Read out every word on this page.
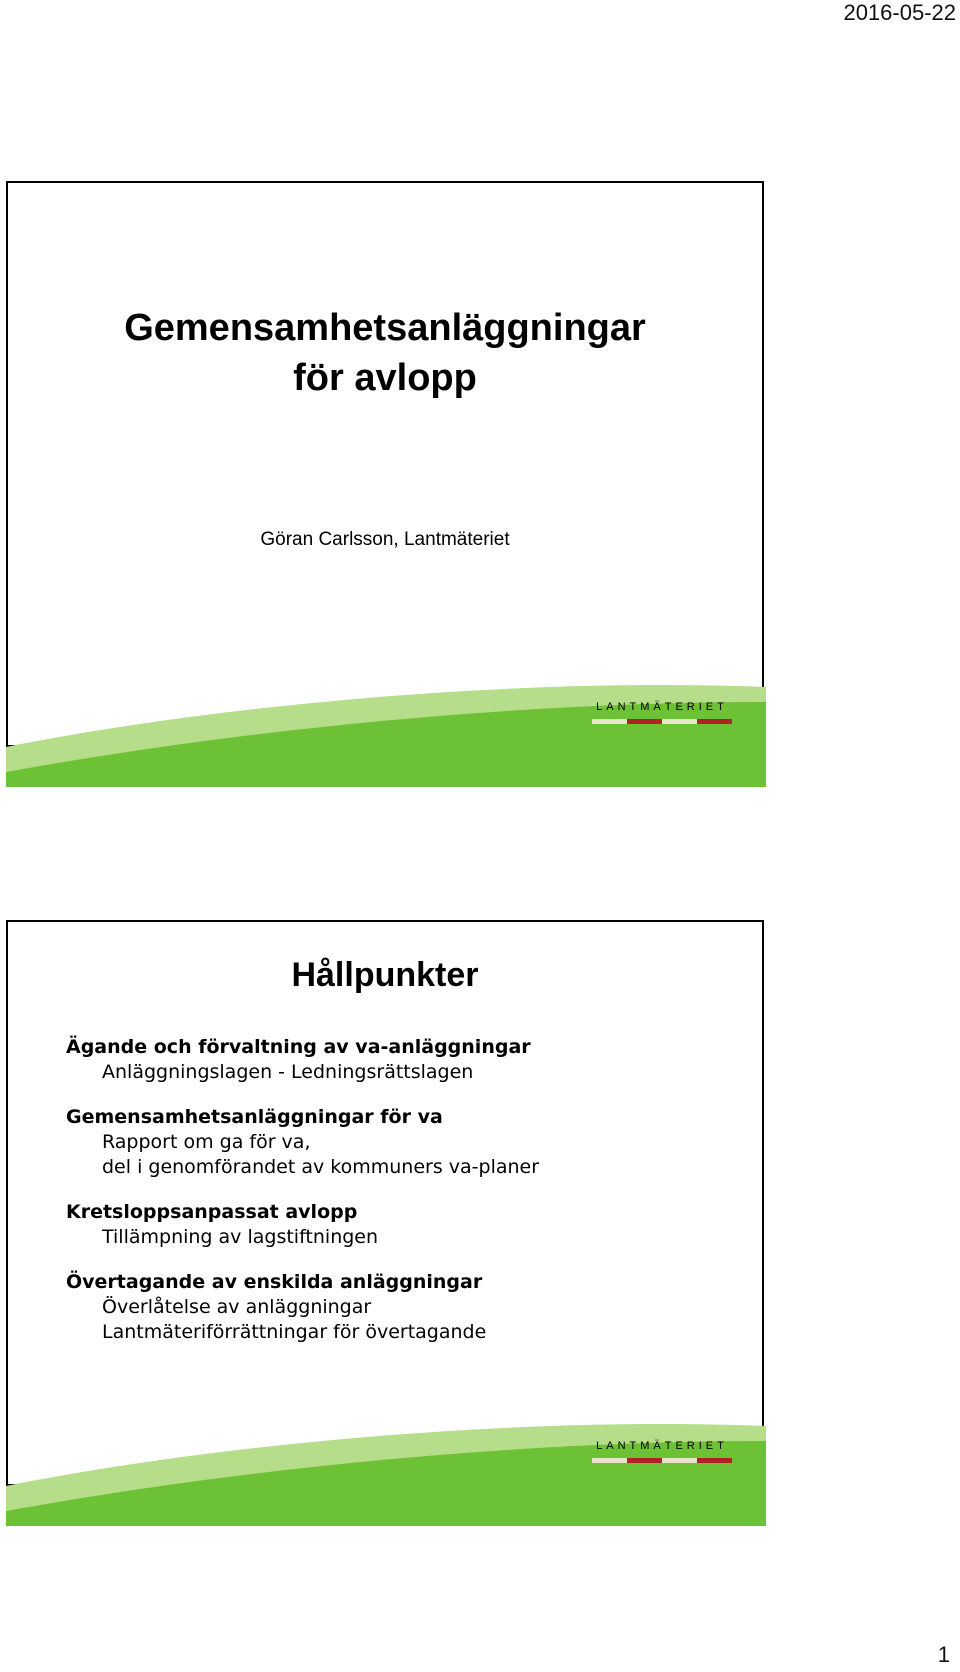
2016-05-22
Gemensamhetsanläggningar
för avlopp
Göran Carlsson, Lantmäteriet
LANTMÄTERIET
Hållpunkter
Ägande och förvaltning av va-anläggningar
Anläggningslagen - Ledningsrättslagen
Gemensamhetsanläggningar för va
Rapport om ga för va,
del i genomförandet av kommuners va-planer
Kretsloppsanpassat avlopp
Tillämpning av lagstiftningen
Övertagande av enskilda anläggningar
Överlåtelse av anläggningar
Lantmäteriförrättningar för övertagande
LANTMÄTERIET
1
